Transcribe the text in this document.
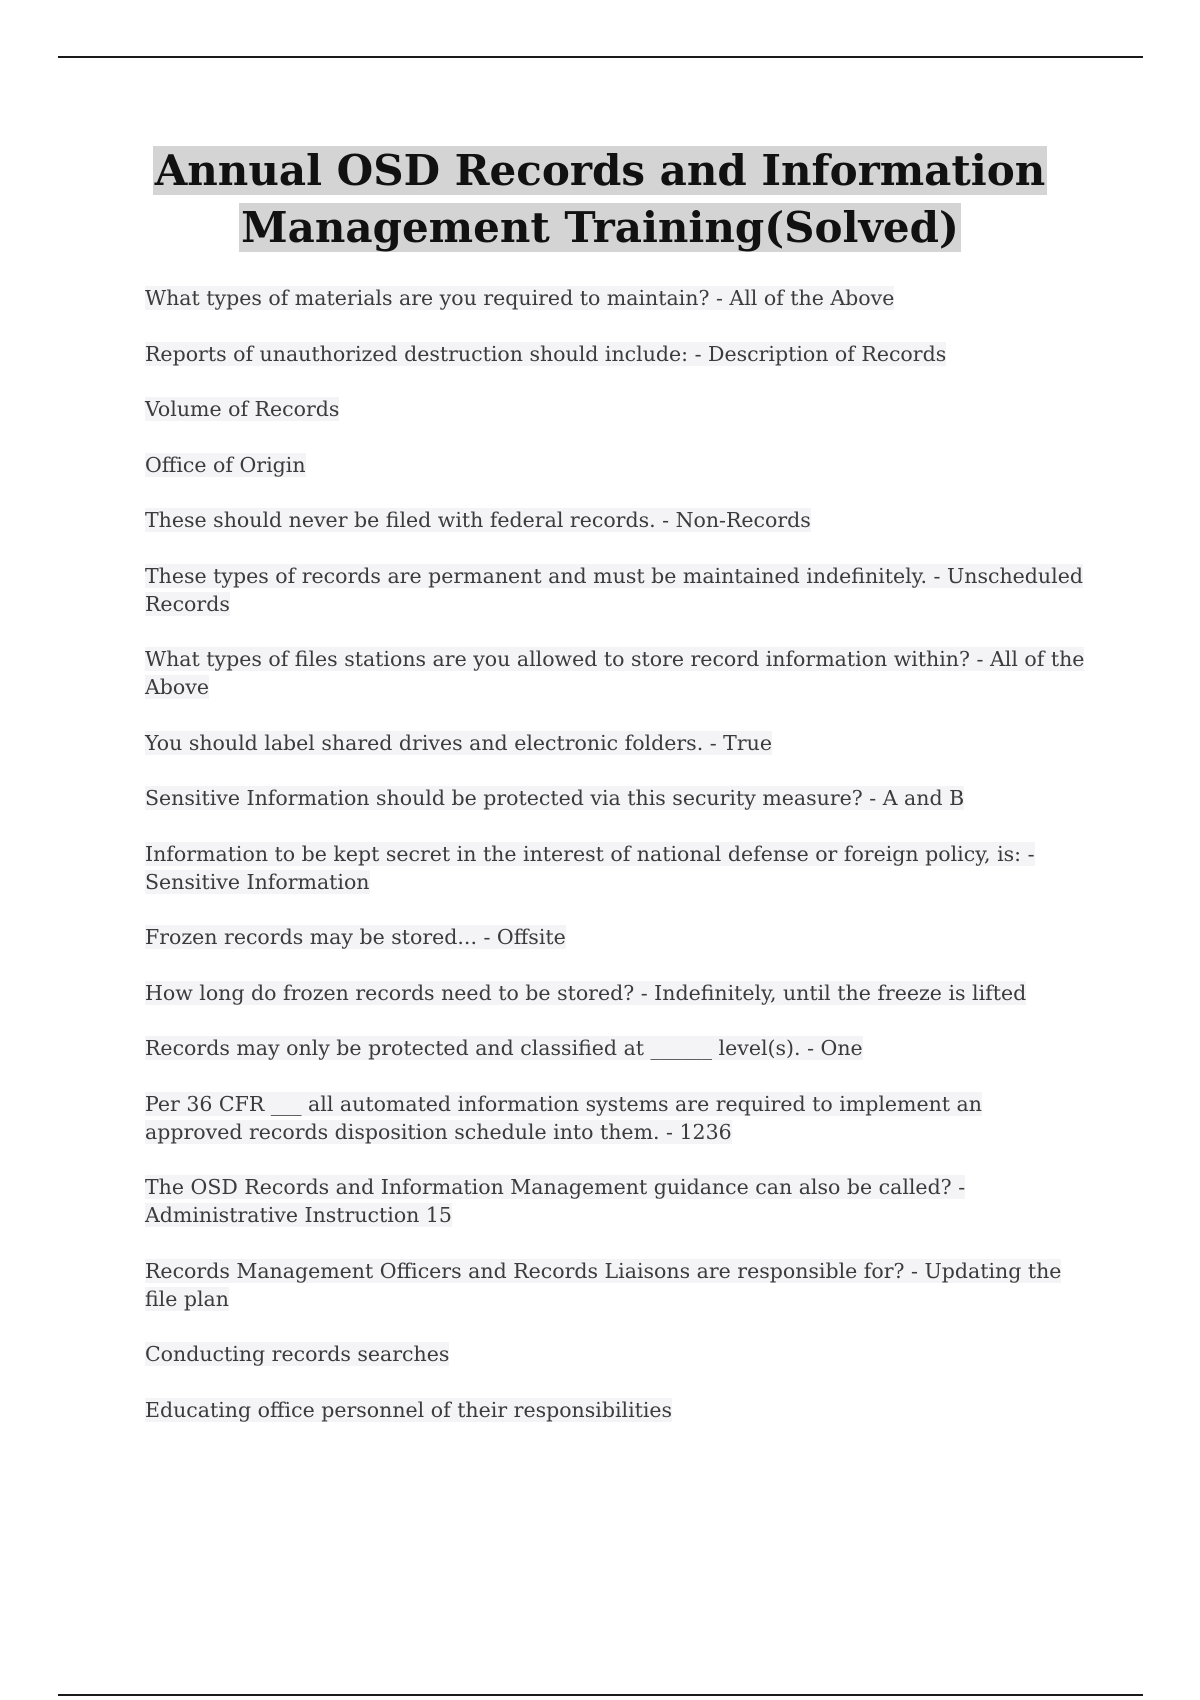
Annual OSD Records and Information
Management Training(Solved)

What types of materials are you required to maintain? - All of the Above

Reports of unauthorized destruction should include: - Description of Records

Volume of Records

Office of Origin

These should never be filed with federal records. - Non-Records

These types of records are permanent and must be maintained indefinitely. - Unscheduled Records

What types of files stations are you allowed to store record information within? - All of the Above

You should label shared drives and electronic folders. - True

Sensitive Information should be protected via this security measure? - A and B

Information to be kept secret in the interest of national defense or foreign policy, is: - Sensitive Information

Frozen records may be stored... - Offsite

How long do frozen records need to be stored? - Indefinitely, until the freeze is lifted

Records may only be protected and classified at ______ level(s). - One

Per 36 CFR ___ all automated information systems are required to implement an approved records disposition schedule into them. - 1236

The OSD Records and Information Management guidance can also be called? - Administrative Instruction 15

Records Management Officers and Records Liaisons are responsible for? - Updating the file plan

Conducting records searches

Educating office personnel of their responsibilities
